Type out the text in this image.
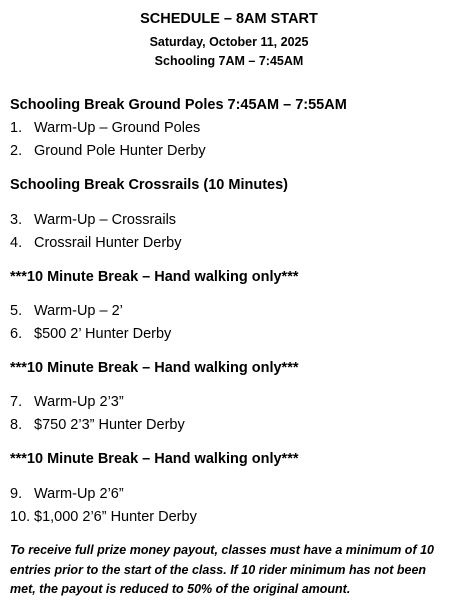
SCHEDULE – 8AM START
Saturday, October 11, 2025
Schooling 7AM – 7:45AM
Schooling Break Ground Poles 7:45AM – 7:55AM
1. Warm-Up – Ground Poles
2. Ground Pole Hunter Derby
Schooling Break Crossrails (10 Minutes)
3. Warm-Up – Crossrails
4. Crossrail Hunter Derby
***10 Minute Break – Hand walking only***
5. Warm-Up – 2’
6. $500 2’ Hunter Derby
***10 Minute Break – Hand walking only***
7. Warm-Up 2’3”
8. $750 2’3” Hunter Derby
***10 Minute Break – Hand walking only***
9. Warm-Up 2’6”
10. $1,000 2’6” Hunter Derby
To receive full prize money payout, classes must have a minimum of 10 entries prior to the start of the class. If 10 rider minimum has not been met, the payout is reduced to 50% of the original amount.
